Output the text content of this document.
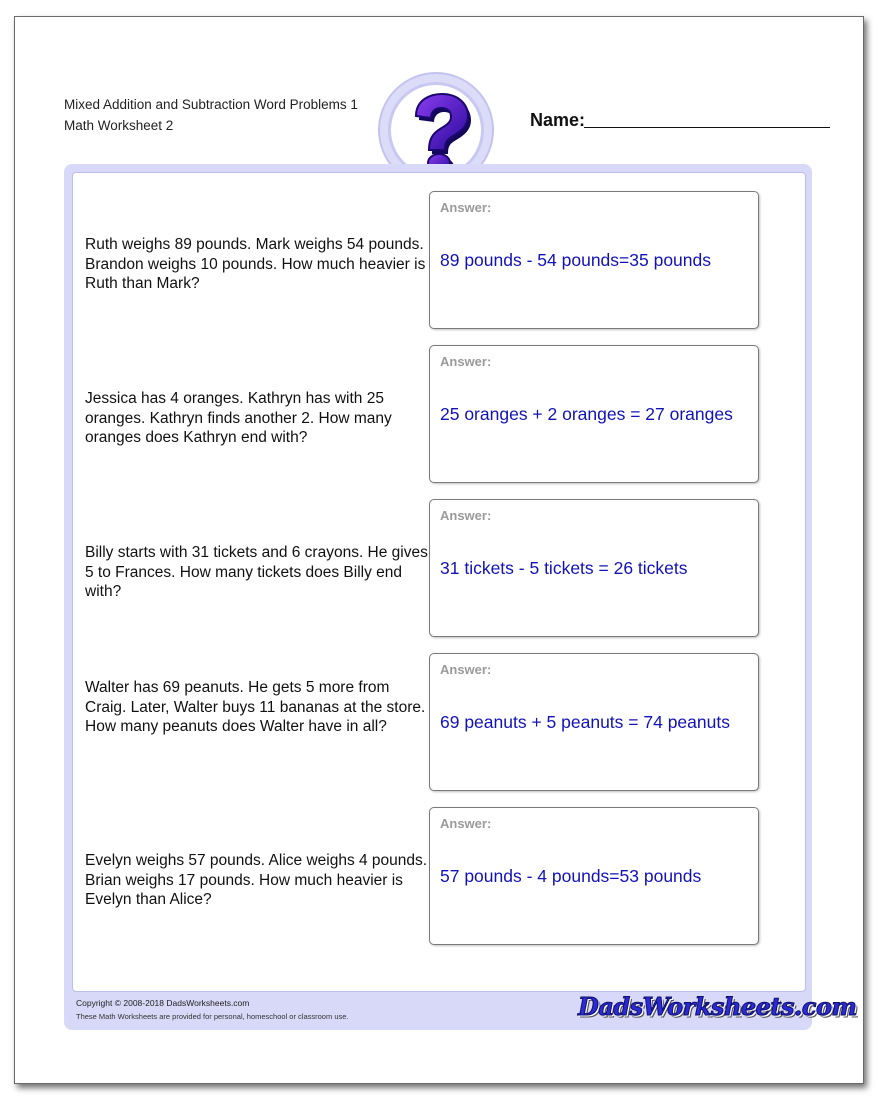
Mixed Addition and Subtraction Word Problems 1
Math Worksheet 2	Name:
Ruth weighs 89 pounds. Mark weighs 54 pounds. Brandon weighs 10 pounds. How much heavier is Ruth than Mark?
Answer:
89 pounds - 54 pounds=35 pounds
Jessica has 4 oranges. Kathryn has with 25 oranges. Kathryn finds another 2. How many oranges does Kathryn end with?
Answer:
25 oranges + 2 oranges = 27 oranges
Billy starts with 31 tickets and 6 crayons. He gives 5 to Frances. How many tickets does Billy end with?
Answer:
31 tickets - 5 tickets = 26 tickets
Walter has 69 peanuts. He gets 5 more from Craig. Later, Walter buys 11 bananas at the store. How many peanuts does Walter have in all?
Answer:
69 peanuts + 5 peanuts = 74 peanuts
Evelyn weighs 57 pounds. Alice weighs 4 pounds. Brian weighs 17 pounds. How much heavier is Evelyn than Alice?
Answer:
57 pounds - 4 pounds=53 pounds
Copyright © 2008-2018 DadsWorksheets.com
These Math Worksheets are provided for personal, homeschool or classroom use.	DadsWorksheets.com
